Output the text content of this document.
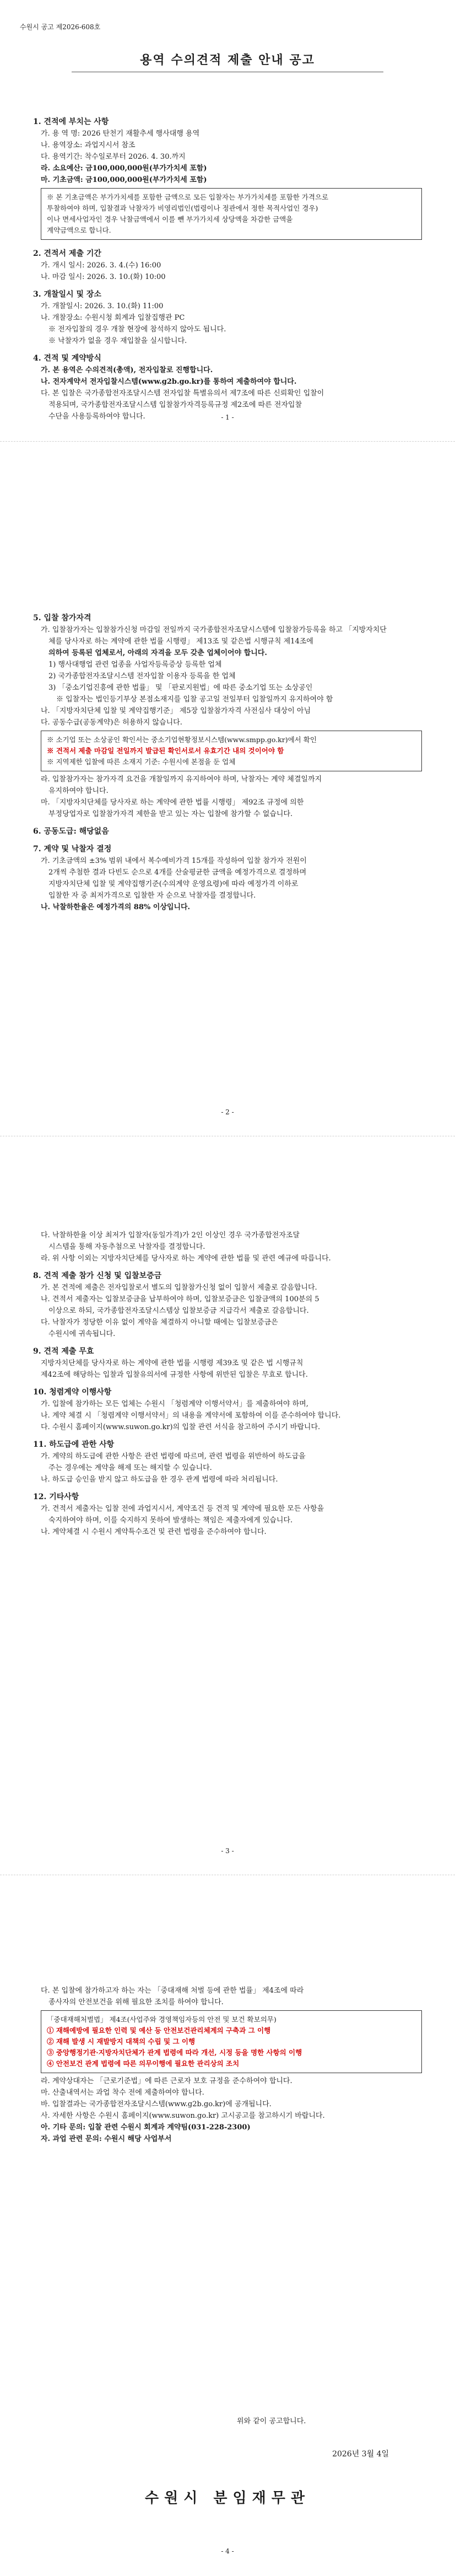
수원시 공고 제2026-608호
용역 수의견적 제출 안내 공고

1. 견적에 부치는 사항

가. 용 역 명: 2026 탄천기 재활추세 행사대행 용역

나. 용역장소: 과업지시서 참조

다. 용역기간: 착수일로부터 2026. 4. 30.까지

라. 소요예산: 금100,000,000원(부가가치세 포함)

마. 기초금액: 금100,000,000원(부가가치세 포함)

※ 본 기초금액은 부가가치세를 포함한 금액으로 모든 입찰자는 부가가치세를 포함한 가격으로
투찰하여야 하며, 입찰결과 낙찰자가 비영리법인(법령이나 정관에서 정한 목적사업인 경우)
이나 면세사업자인 경우 낙찰금액에서 이를 뺀 부가가치세 상당액을 차감한 금액을
계약금액으로 합니다.

2. 견적서 제출 기간

가. 개시 일시: 2026. 3. 4.(수) 16:00

나. 마감 일시: 2026. 3. 10.(화) 10:00

3. 개찰일시 및 장소

가. 개찰일시: 2026. 3. 10.(화) 11:00

나. 개찰장소: 수원시청 회계과 입찰집행관 PC

※ 전자입찰의 경우 개찰 현장에 참석하지 않아도 됩니다.

※ 낙찰자가 없을 경우 재입찰을 실시합니다.

4. 견적 및 계약방식

가. 본 용역은 수의견적(총액), 전자입찰로 진행합니다.

나. 전자계약서 전자입찰시스템(www.g2b.go.kr)를 통하여 제출하여야 합니다.

다. 본 입찰은 국가종합전자조달시스템 전자입찰 특별유의서 제7조에 따른 신뢰확인 입찰이

적용되며, 국가종합전자조달시스템 입찰참가자격등록규정 제2조에 따른 전자입찰

수단을 사용등록하여야 합니다.	- 1 -

5. 입찰 참가자격

가. 입찰참가자는 입찰참가신청 마감일 전일까지 국가종합전자조달시스템에 입찰참가등록을 하고 「지방자치단

체를 당사자로 하는 계약에 관한 법률 시행령」 제13조 및 같은법 시행규칙 제14조에

의하여 등록된 업체로서, 아래의 자격을 모두 갖춘 업체이어야 합니다.

1) 행사대행업 관련 업종을 사업자등록증상 등록한 업체

2) 국가종합전자조달시스템 전자입찰 이용자 등록을 한 업체

3) 「중소기업진흥에 관한 법률」 및 「판로지원법」에 따른 중소기업 또는 소상공인

※ 입찰자는 법인등기부상 본점소재지를 입찰 공고일 전일부터 입찰일까지 유지하여야 함

나. 「지방자치단체 입찰 및 계약집행기준」 제5장 입찰참가자격 사전심사 대상이 아님

다. 공동수급(공동계약)은 허용하지 않습니다.

※ 소기업 또는 소상공인 확인서는 중소기업현황정보시스템(www.smpp.go.kr)에서 확인
※ 견적서 제출 마감일 전일까지 발급된 확인서로서 유효기간 내의 것이어야 함
※ 지역제한 입찰에 따른 소재지 기준: 수원시에 본점을 둔 업체

라. 입찰참가자는 참가자격 요건을 개찰일까지 유지하여야 하며, 낙찰자는 계약 체결일까지

유지하여야 합니다.

마. 「지방자치단체를 당사자로 하는 계약에 관한 법률 시행령」 제92조 규정에 의한

부정당업자로 입찰참가자격 제한을 받고 있는 자는 입찰에 참가할 수 없습니다.

6. 공동도급: 해당없음

7. 계약 및 낙찰자 결정

가. 기초금액의 ±3% 범위 내에서 복수예비가격 15개를 작성하여 입찰 참가자 전원이

2개씩 추첨한 결과 다빈도 순으로 4개를 산술평균한 금액을 예정가격으로 결정하며

지방자치단체 입찰 및 계약집행기준(수의계약 운영요령)에 따라 예정가격 이하로

입찰한 자 중 최저가격으로 입찰한 자 순으로 낙찰자를 결정합니다.

나. 낙찰하한율은 예정가격의 88% 이상입니다.

- 2 -

다. 낙찰하한율 이상 최저가 입찰자(동일가격)가 2인 이상인 경우 국가종합전자조달

시스템을 통해 자동추첨으로 낙찰자를 결정합니다.

라. 위 사항 이외는 지방자치단체를 당사자로 하는 계약에 관한 법률 및 관련 예규에 따릅니다.

8. 견적 제출 참가 신청 및 입찰보증금

가. 본 견적에 제출은 전자입찰로서 별도의 입찰참가신청 없이 입찰서 제출로 갈음합니다.

나. 견적서 제출자는 입찰보증금을 납부하여야 하며, 입찰보증금은 입찰금액의 100분의 5

이상으로 하되, 국가종합전자조달시스템상 입찰보증금 지급각서 제출로 갈음합니다.

다. 낙찰자가 정당한 이유 없이 계약을 체결하지 아니할 때에는 입찰보증금은

수원시에 귀속됩니다.

9. 견적 제출 무효

지방자치단체를 당사자로 하는 계약에 관한 법률 시행령 제39조 및 같은 법 시행규칙

제42조에 해당하는 입찰과 입찰유의서에 규정한 사항에 위반된 입찰은 무효로 합니다.

10. 청렴계약 이행사항

가. 입찰에 참가하는 모든 업체는 수원시 「청렴계약 이행서약서」를 제출하여야 하며,

나. 계약 체결 시 「청렴계약 이행서약서」의 내용을 계약서에 포함하여 이를 준수하여야 합니다.

다. 수원시 홈페이지(www.suwon.go.kr)의 입찰 관련 서식을 참고하여 주시기 바랍니다.

11. 하도급에 관한 사항

가. 계약의 하도급에 관한 사항은 관련 법령에 따르며, 관련 법령을 위반하여 하도급을

주는 경우에는 계약을 해제 또는 해지할 수 있습니다.

나. 하도급 승인을 받지 않고 하도급을 한 경우 관계 법령에 따라 처리됩니다.

12. 기타사항

가. 견적서 제출자는 입찰 전에 과업지시서, 계약조건 등 견적 및 계약에 필요한 모든 사항을

숙지하여야 하며, 이를 숙지하지 못하여 발생하는 책임은 제출자에게 있습니다.

나. 계약체결 시 수원시 계약특수조건 및 관련 법령을 준수하여야 합니다.

- 3 -

다. 본 입찰에 참가하고자 하는 자는 「중대재해 처벌 등에 관한 법률」 제4조에 따라

종사자의 안전보건을 위해 필요한 조치를 하여야 합니다.

「중대재해처벌법」 제4조(사업주와 경영책임자등의 안전 및 보건 확보의무)
① 재해예방에 필요한 인력 및 예산 등 안전보건관리체계의 구축과 그 이행
② 재해 발생 시 재발방지 대책의 수립 및 그 이행
③ 중앙행정기관·지방자치단체가 관계 법령에 따라 개선, 시정 등을 명한 사항의 이행
④ 안전보건 관계 법령에 따른 의무이행에 필요한 관리상의 조치

라. 계약상대자는 「근로기준법」에 따른 근로자 보호 규정을 준수하여야 합니다.

마. 산출내역서는 과업 착수 전에 제출하여야 합니다.

바. 입찰결과는 국가종합전자조달시스템(www.g2b.go.kr)에 공개됩니다.

사. 자세한 사항은 수원시 홈페이지(www.suwon.go.kr) 고시공고를 참고하시기 바랍니다.

아. 기타 문의: 입찰 관련 수원시 회계과 계약팀(031-228-2300)

자. 과업 관련 문의: 수원시 해당 사업부서

위와 같이 공고합니다.
2026년 3월 4일
수원시 분임재무관
- 4 -
